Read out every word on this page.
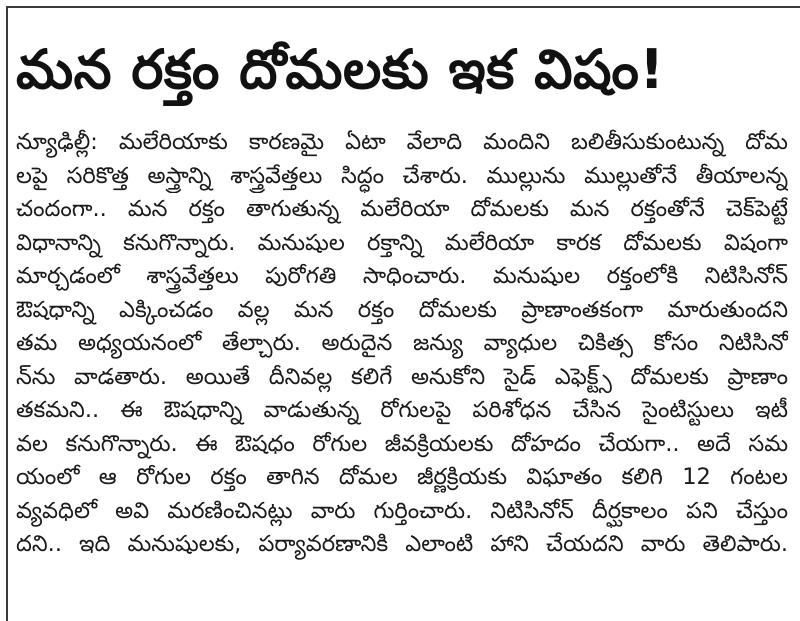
మన రక్తం దోమలకు ఇక విషం!
న్యూఢిల్లీ: మలేరియాకు కారణమై ఏటా వేలాది మందిని బలితీసుకుంటున్న దోమ
లపై సరికొత్త అస్త్రాన్ని శాస్త్రవేత్తలు సిద్ధం చేశారు. ముల్లును ముల్లుతోనే తీయాలన్న
చందంగా.. మన రక్తం తాగుతున్న మలేరియా దోమలకు మన రక్తంతోనే చెక్‌పెట్టే
విధానాన్ని కనుగొన్నారు. మనుషుల రక్తాన్ని మలేరియా కారక దోమలకు విషంగా
మార్చడంలో శాస్త్రవేత్తలు పురోగతి సాధించారు. మనుషుల రక్తంలోకి నిటిసినోన్
ఔషధాన్ని ఎక్కించడం వల్ల మన రక్తం దోమలకు ప్రాణాంతకంగా మారుతుందని
తమ అధ్యయనంలో తేల్చారు. అరుదైన జన్యు వ్యాధుల చికిత్స కోసం నిటిసినో
న్‌ను వాడతారు. అయితే దీనివల్ల కలిగే అనుకోని సైడ్ ఎఫెక్ట్స్ దోమలకు ప్రాణాం
తకమని.. ఈ ఔషధాన్ని వాడుతున్న రోగులపై పరిశోధన చేసిన సైంటిస్టులు ఇటీ
వల కనుగొన్నారు. ఈ ఔషధం రోగుల జీవక్రియలకు దోహదం చేయగా.. అదే సమ
యంలో ఆ రోగుల రక్తం తాగిన దోమల జీర్ణక్రియకు విఘాతం కలిగి 12 గంటల
వ్యవధిలో అవి మరణించినట్లు వారు గుర్తించారు. నిటిసినోన్ దీర్ఘకాలం పని చేస్తుం
దని.. ఇది మనుషులకు, పర్యావరణానికి ఎలాంటి హాని చేయదని వారు తెలిపారు.
